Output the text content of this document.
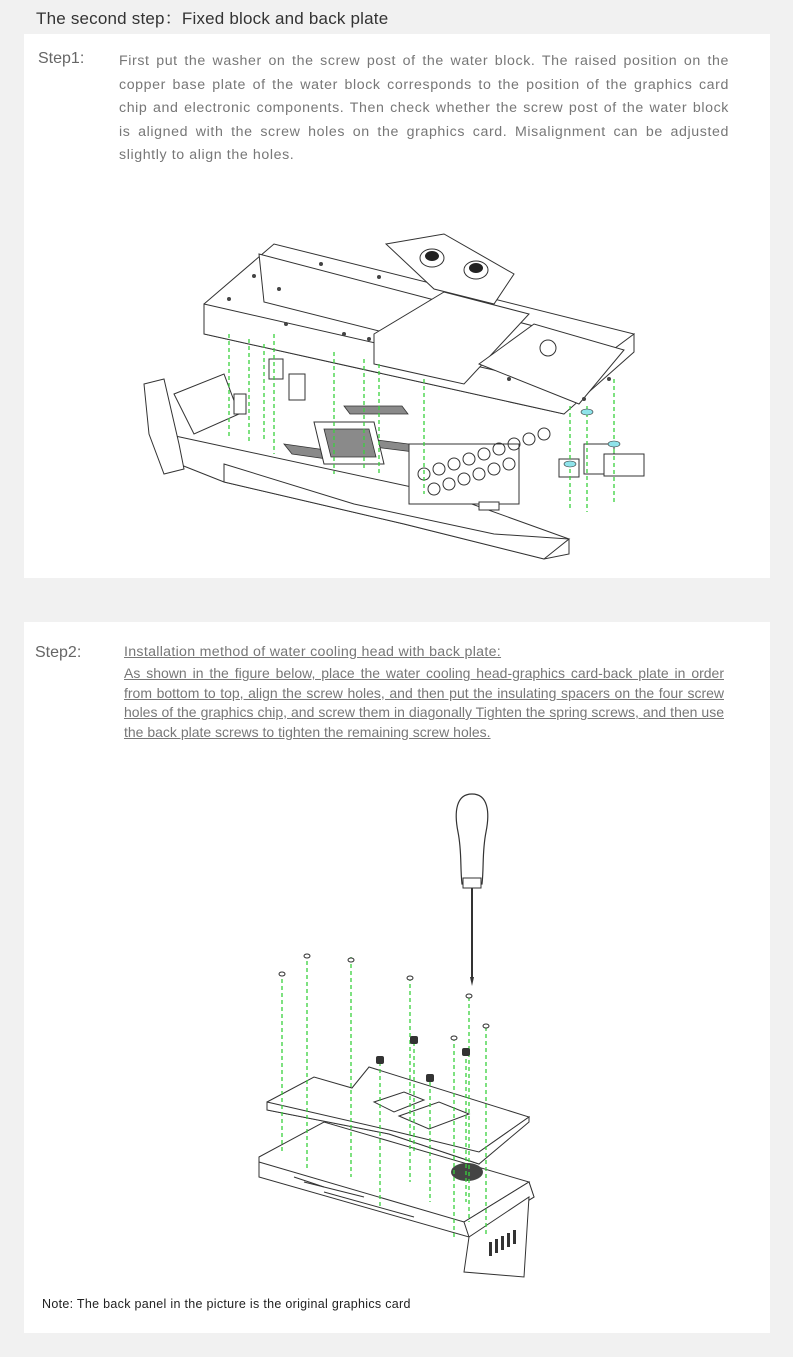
The second step：Fixed block and back plate
Step1: First put the washer on the screw post of the water block. The raised position on the copper base plate of the water block corresponds to the position of the graphics card chip and electronic components. Then check whether the screw post of the water block is aligned with the screw holes on the graphics card. Misalignment can be adjusted slightly to align the holes.
Step2:	Installation method of water cooling head with back plate:
As shown in the figure below, place the water cooling head-graphics card-back plate in order from bottom to top, align the screw holes, and then put the insulating spacers on the four screw holes of the graphics chip, and screw them in diagonally Tighten the spring screws, and then use the back plate screws to tighten the remaining screw holes.
Note: The back panel in the picture is the original graphics card
